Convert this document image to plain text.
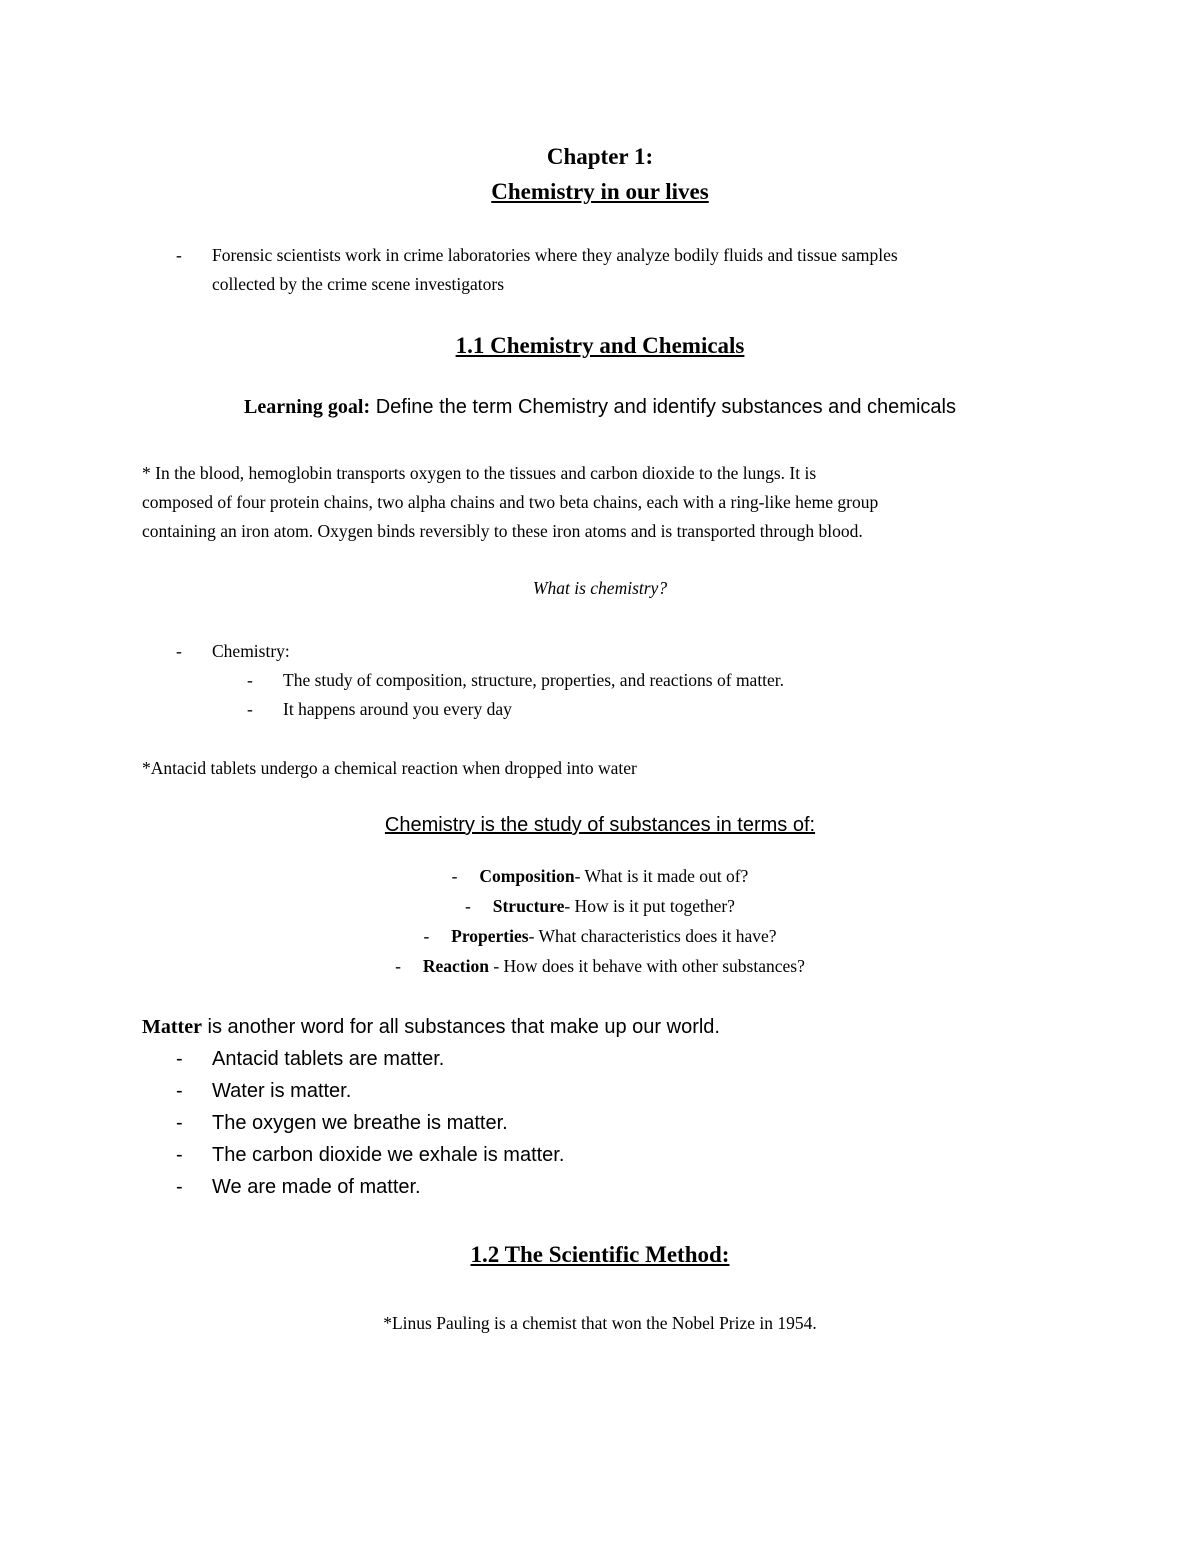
Chapter 1:
Chemistry in our lives
- Forensic scientists work in crime laboratories where they analyze bodily fluids and tissue samples
collected by the crime scene investigators
1.1 Chemistry and Chemicals
Learning goal: Define the term Chemistry and identify substances and chemicals
* In the blood, hemoglobin transports oxygen to the tissues and carbon dioxide to the lungs. It is
composed of four protein chains, two alpha chains and two beta chains, each with a ring-like heme group
containing an iron atom. Oxygen binds reversibly to these iron atoms and is transported through blood.
What is chemistry?
- Chemistry:
- The study of composition, structure, properties, and reactions of matter.
- It happens around you every day
*Antacid tablets undergo a chemical reaction when dropped into water
Chemistry is the study of substances in terms of:
-     Composition- What is it made out of?
-     Structure- How is it put together?
-     Properties- What characteristics does it have?
-     Reaction - How does it behave with other substances?
Matter is another word for all substances that make up our world.
- Antacid tablets are matter.
- Water is matter.
- The oxygen we breathe is matter.
- The carbon dioxide we exhale is matter.
- We are made of matter.
1.2 The Scientific Method:
*Linus Pauling is a chemist that won the Nobel Prize in 1954.
